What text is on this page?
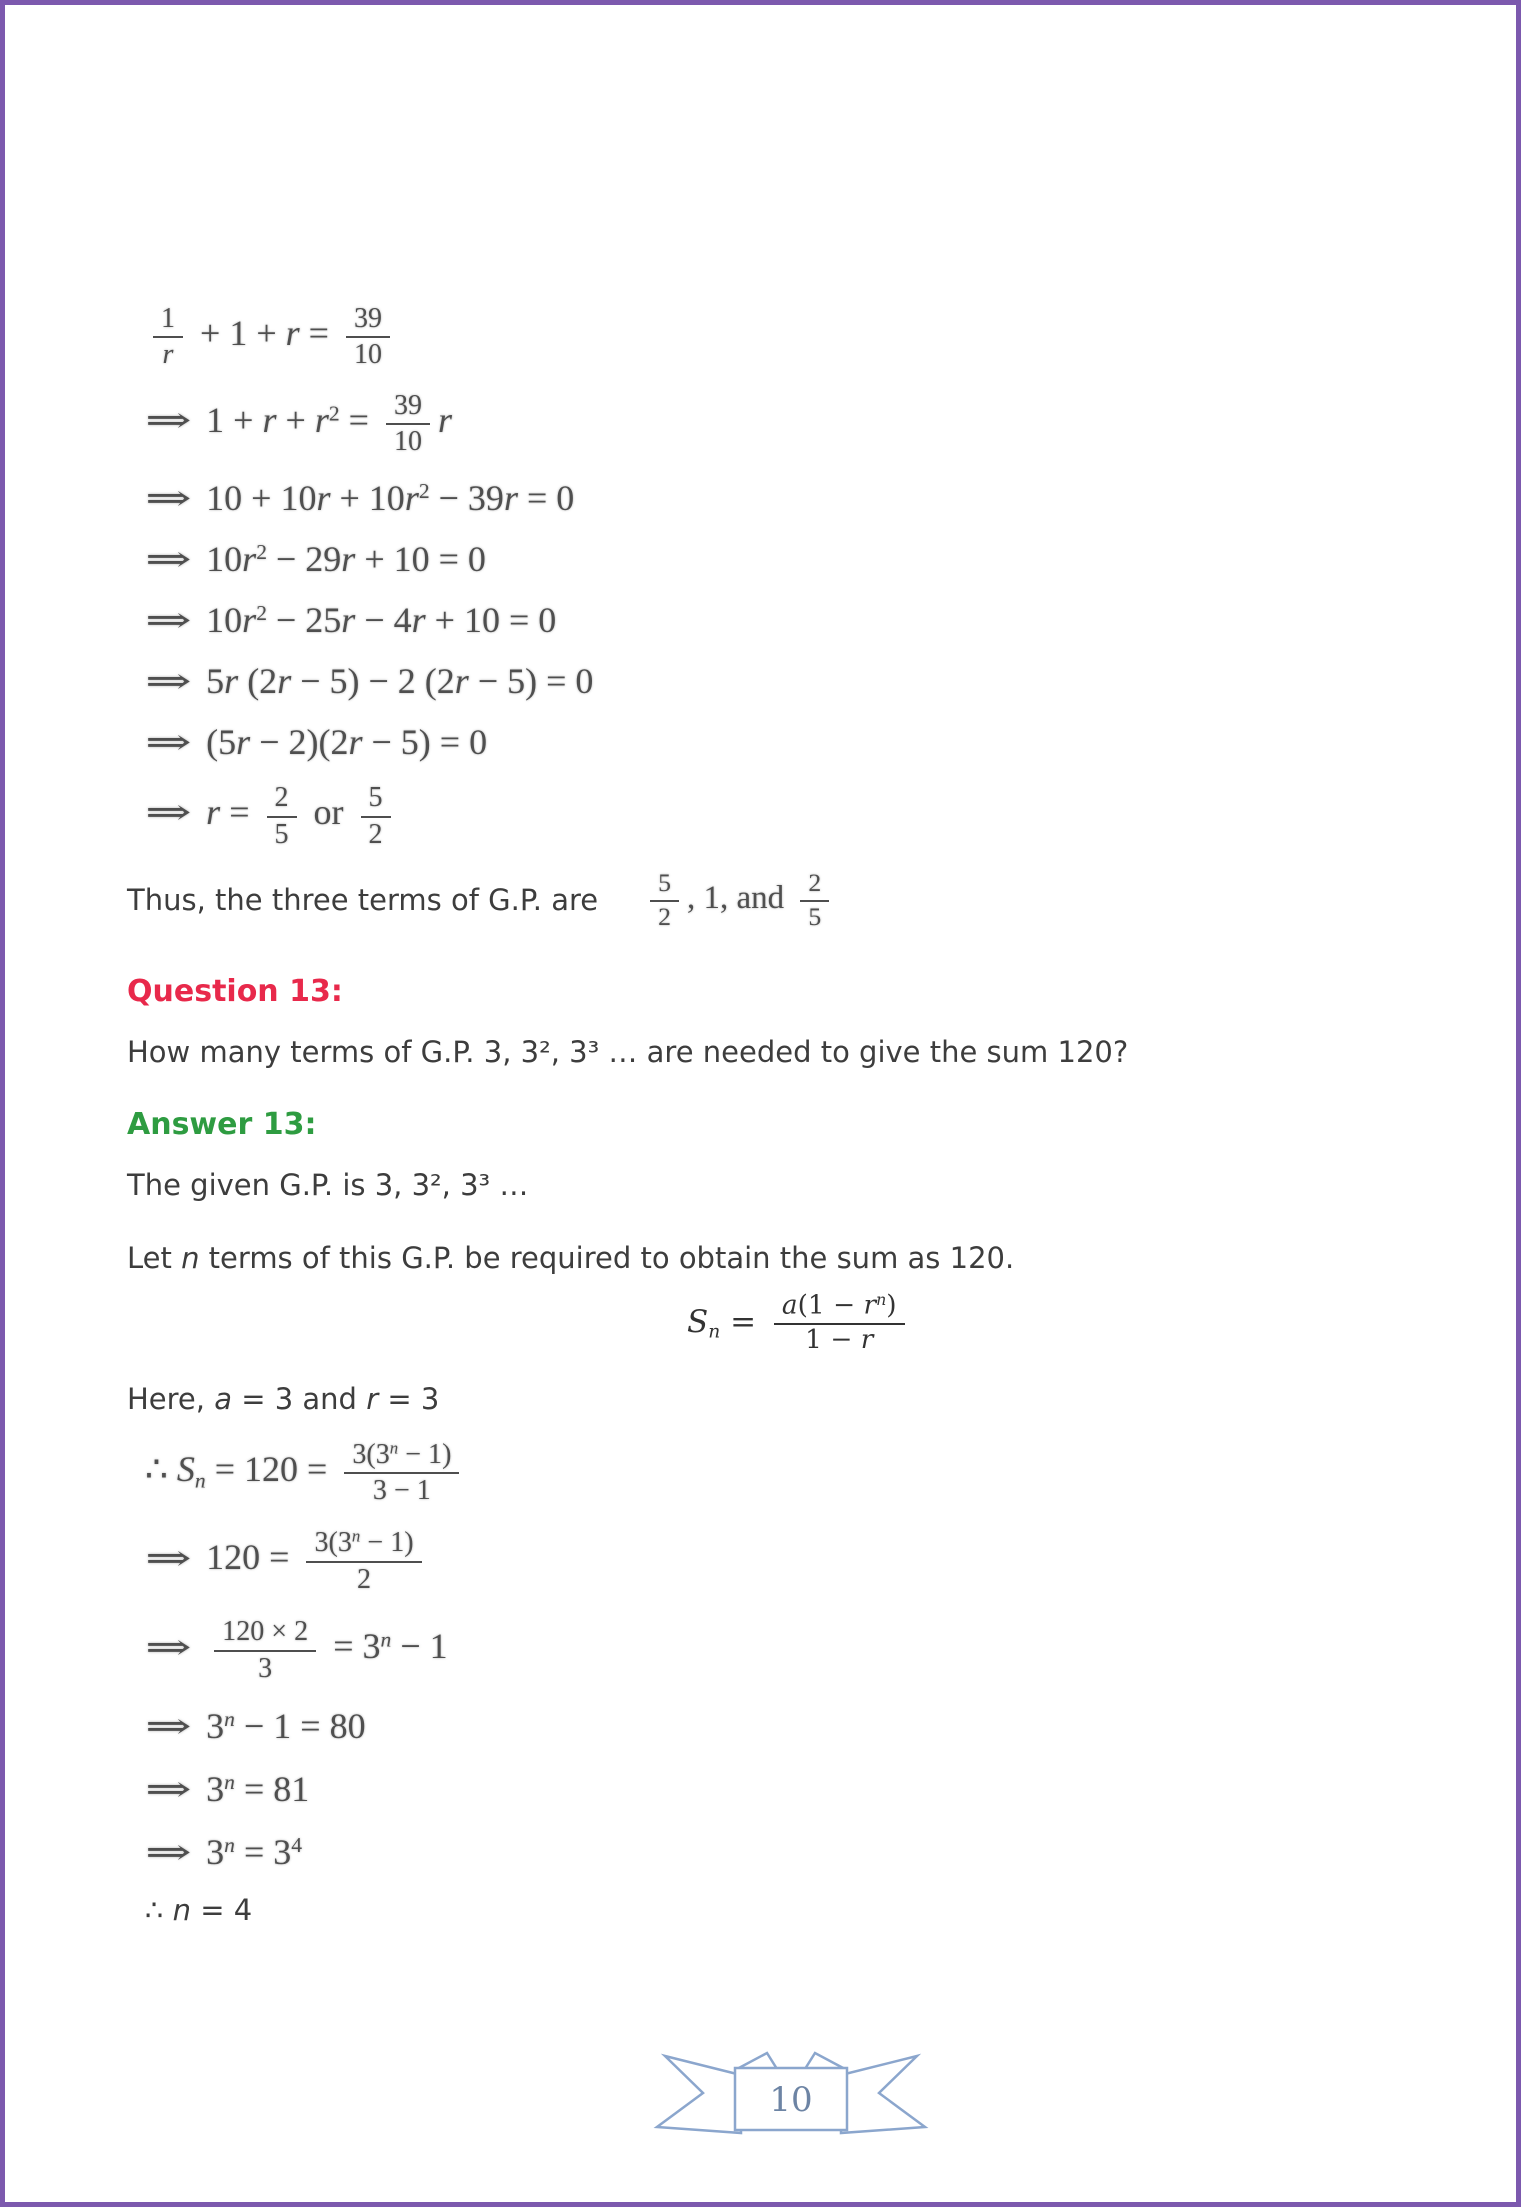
$\frac{1}{r} + 1 + r = \frac{39}{10}$
⇒ $1 + r + r^2 = \frac{39}{10}$ r
⇒ $10 + 10r + 10r^2 - 39r = 0$
⇒ $10r^2 - 29r + 10 = 0$
⇒ $10r^2 - 25r - 4r + 10 = 0$
⇒ 5r (2r − 5) − 2 (2r − 5) = 0
⇒ (5r − 2)(2r − 5) = 0
⇒ $r = \frac{2}{5}$ or $\frac{5}{2}$
Thus, the three terms of G.P. are $\frac{5}{2}$ , 1, and $\frac{2}{5}$
Question 13:
How many terms of G.P. 3, 3², 3³ … are needed to give the sum 120?
Answer 13:
The given G.P. is 3, 3², 3³ …
Let n terms of this G.P. be required to obtain the sum as 120.
$Sn = \frac{a(1 - r^n)}{1 - r}$
Here, a = 3 and r = 3
∴ $Sn = 120 = \frac{3(3^n - 1)}{3 - 1}$
⇒ $120 = \frac{3(3^n - 1)}{2}$
⇒ $\frac{120 \times 2}{3} = 3^n - 1$
⇒ $3^n - 1 = 80$
⇒ $3^n = 81$
⇒ $3^n = 3^4$
∴ n = 4
10
